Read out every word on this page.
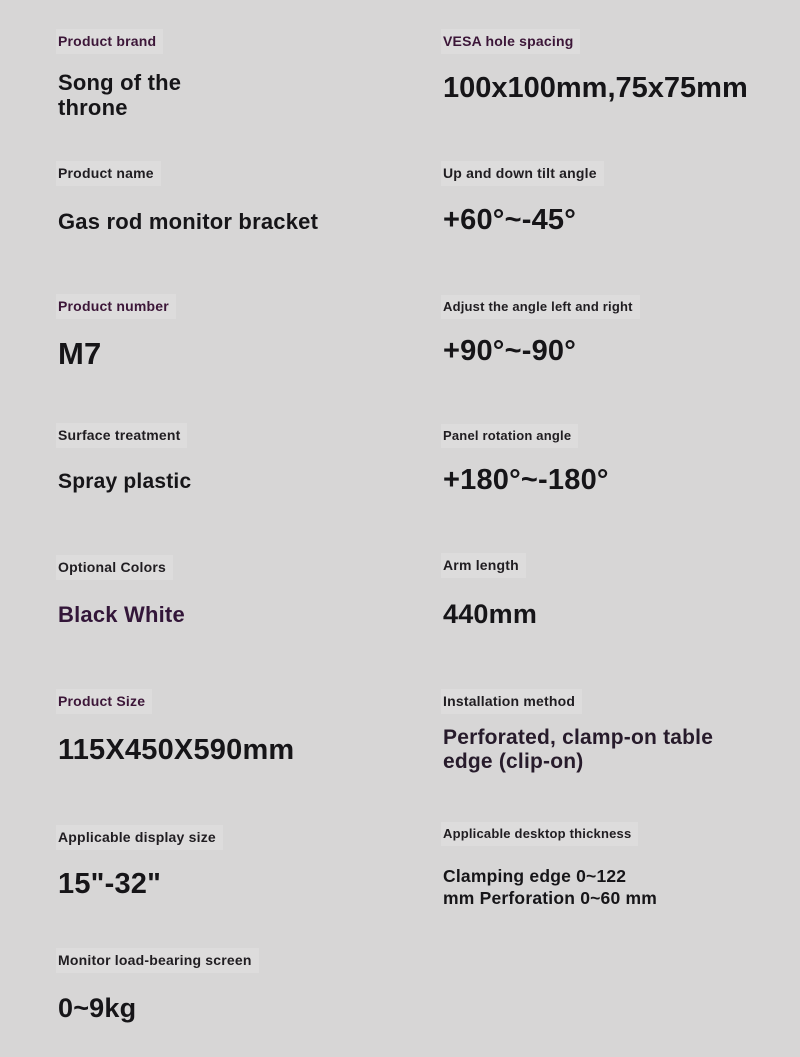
Product brand
Song of the throne
Product name
Gas rod monitor bracket
Product number
M7
Surface treatment
Spray plastic
Optional Colors
Black White
Product Size
115X450X590mm
Applicable display size
15"-32"
Monitor load-bearing screen
0~9kg
VESA hole spacing
100x100mm,75x75mm
Up and down tilt angle
+60°~-45°
Adjust the angle left and right
+90°~-90°
Panel rotation angle
+180°~-180°
Arm length
440mm
Installation method
Perforated, clamp-on table edge (clip-on)
Applicable desktop thickness
Clamping edge 0~122 mm Perforation 0~60 mm
